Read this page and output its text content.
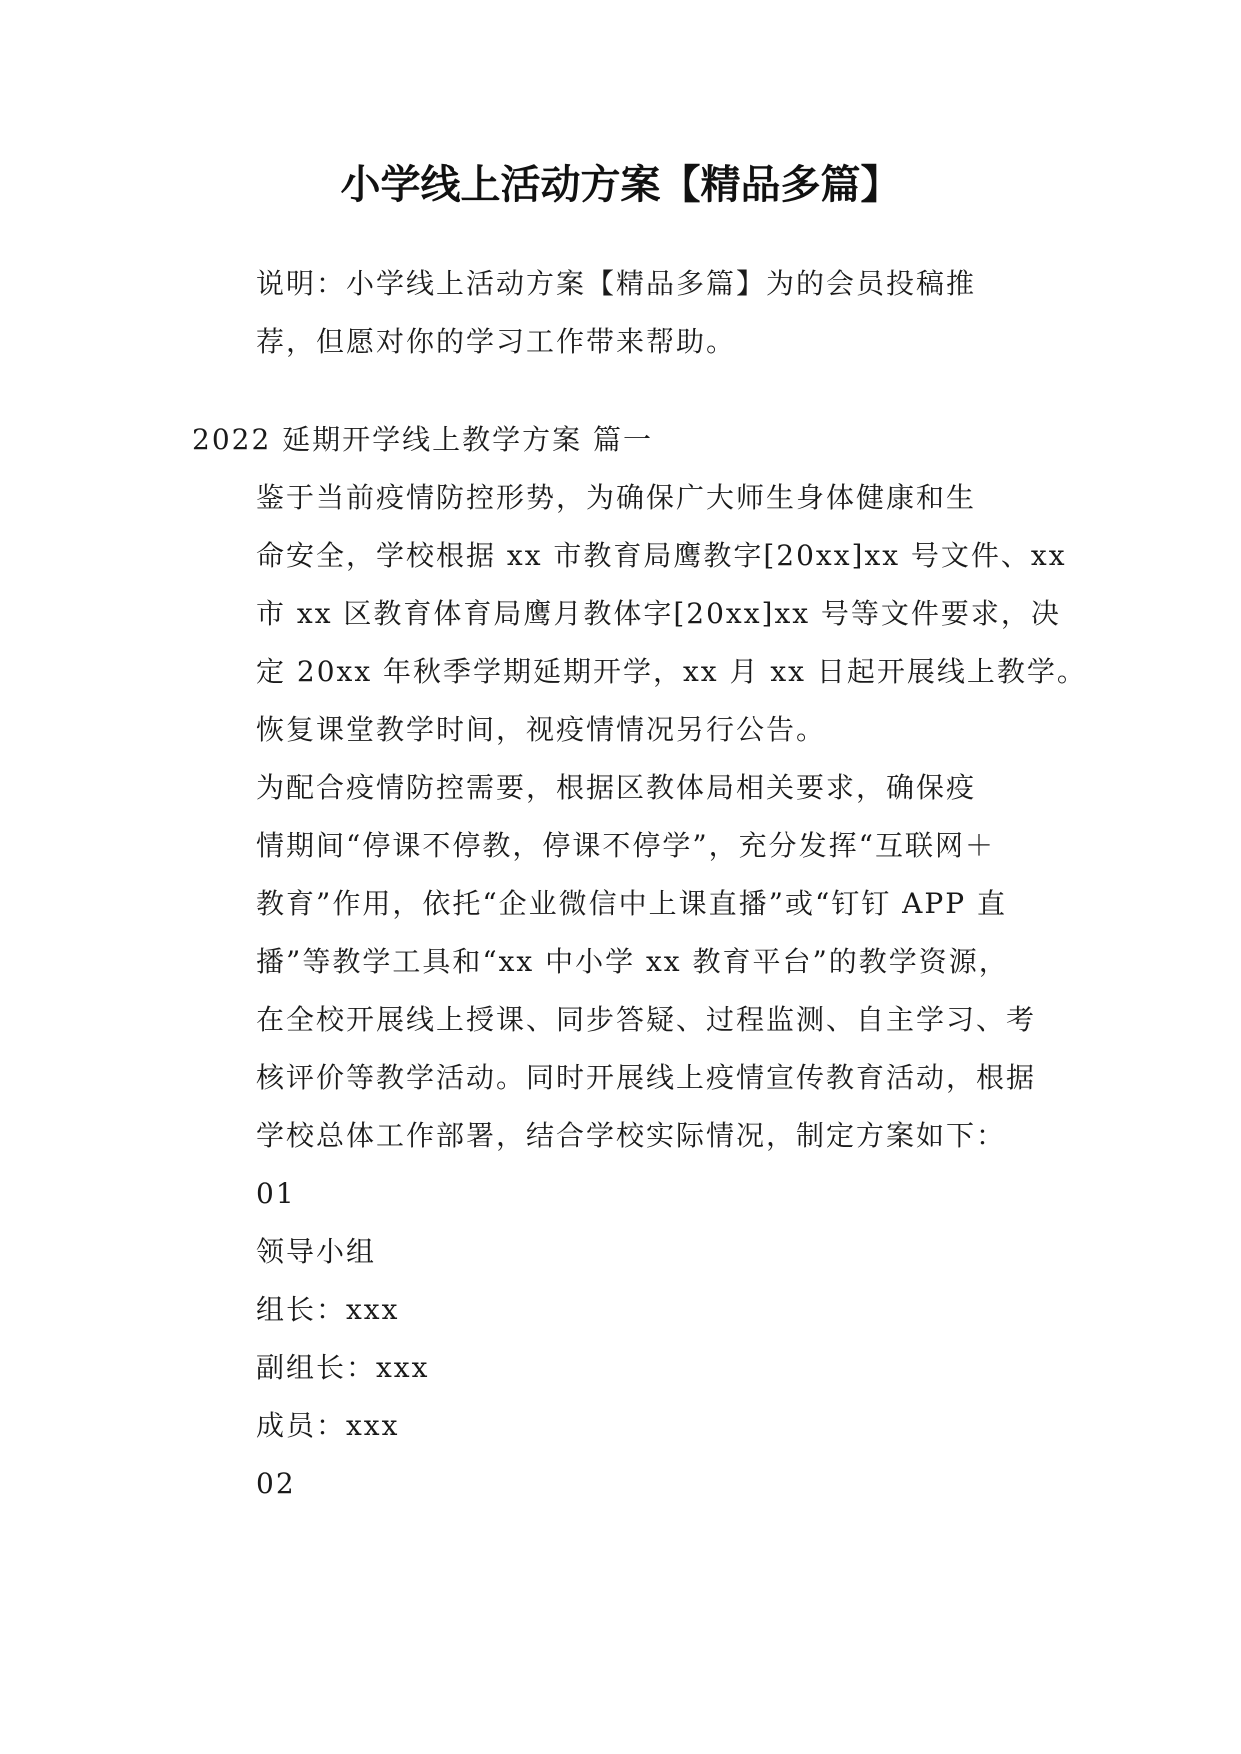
小学线上活动方案【精品多篇】

说明：小学线上活动方案【精品多篇】为的会员投稿推
荐，但愿对你的学习工作带来帮助。

2022 延期开学线上教学方案 篇一

鉴于当前疫情防控形势，为确保广大师生身体健康和生
命安全，学校根据 xx 市教育局鹰教字[20xx]xx 号文件、xx
市 xx 区教育体育局鹰月教体字[20xx]xx 号等文件要求，决
定 20xx 年秋季学期延期开学，xx 月 xx 日起开展线上教学。
恢复课堂教学时间，视疫情情况另行公告。

为配合疫情防控需要，根据区教体局相关要求，确保疫
情期间“停课不停教，停课不停学”，充分发挥“互联网＋
教育”作用，依托“企业微信中上课直播”或“钉钉 APP 直
播”等教学工具和“xx 中小学 xx 教育平台”的教学资源，
在全校开展线上授课、同步答疑、过程监测、自主学习、考
核评价等教学活动。同时开展线上疫情宣传教育活动，根据
学校总体工作部署，结合学校实际情况，制定方案如下：

01

领导小组

组长：xxx

副组长：xxx

成员：xxx

02
